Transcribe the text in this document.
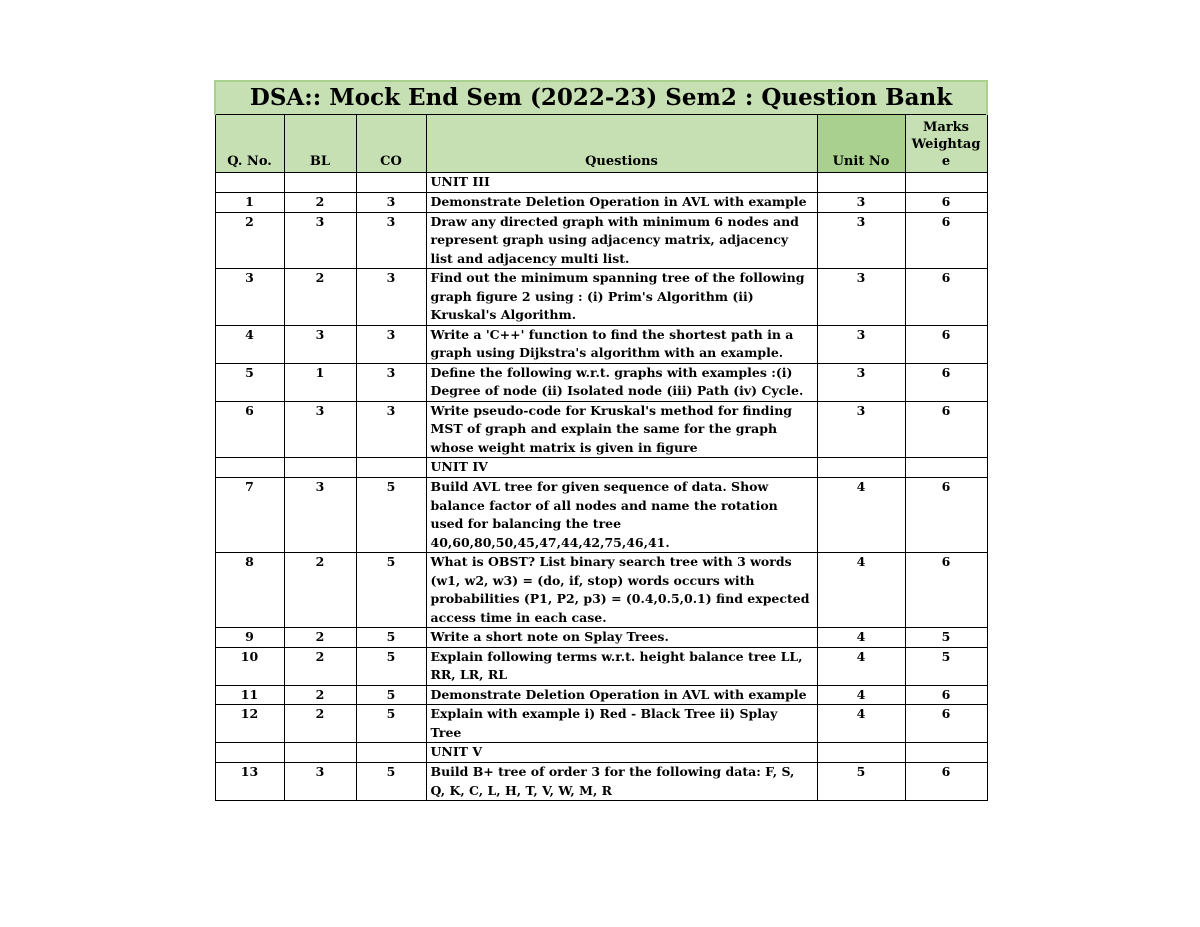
DSA:: Mock End Sem (2022-23) Sem2 : Question Bank					
Q. No.	BL	CO	Questions	Unit No	Marks
Weightag
e
			UNIT III		
1	2	3	Demonstrate Deletion Operation in AVL with example	3	6
2	3	3	Draw any directed graph with minimum 6 nodes and represent graph using adjacency matrix, adjacency list and adjacency multi list.	3	6
3	2	3	Find out the minimum spanning tree of the following graph figure 2 using : (i) Prim's Algorithm (ii) Kruskal's Algorithm.	3	6
4	3	3	Write a 'C++' function to find the shortest path in a graph using Dijkstra's algorithm with an example.	3	6
5	1	3	Define the following w.r.t. graphs with examples :(i) Degree of node (ii) Isolated node (iii) Path (iv) Cycle.	3	6
6	3	3	Write pseudo-code for Kruskal's method for finding MST of graph and explain the same for the graph whose weight matrix is given in figure	3	6
			UNIT IV		
7	3	5	Build AVL tree for given sequence of data. Show balance factor of all nodes and name the rotation used for balancing the tree 40,60,80,50,45,47,44,42,75,46,41.	4	6
8	2	5	What is OBST? List binary search tree with 3 words (w1, w2, w3) = (do, if, stop) words occurs with probabilities (P1, P2, p3) = (0.4,0.5,0.1) find expected access time in each case.	4	6
9	2	5	Write a short note on Splay Trees.	4	5
10	2	5	Explain following terms w.r.t. height balance tree LL, RR, LR, RL	4	5
11	2	5	Demonstrate Deletion Operation in AVL with example	4	6
12	2	5	Explain with example i) Red - Black Tree ii) Splay Tree	4	6
			UNIT V		
13	3	5	Build B+ tree of order 3 for the following data: F, S, Q, K, C, L, H, T, V, W, M, R	5	6
